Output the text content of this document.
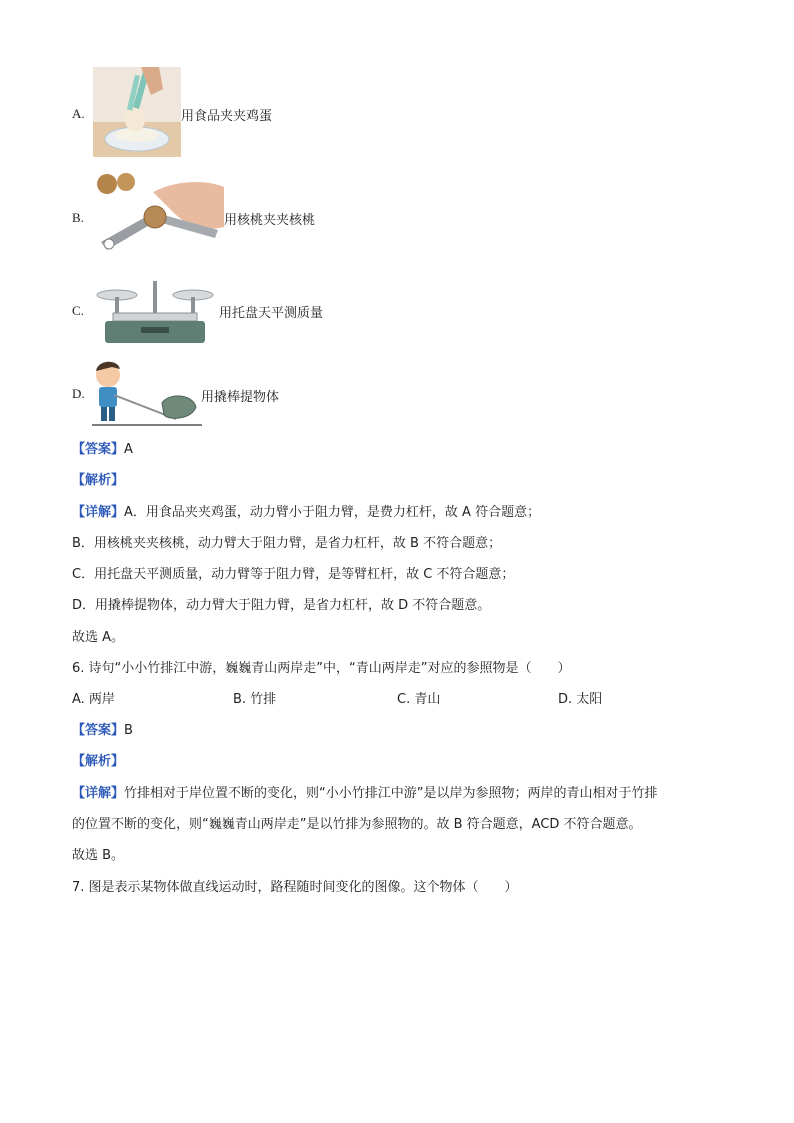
A.	用食品夹夹鸡蛋
B.	用核桃夹夹核桃
C.	用托盘天平测质量
D.	用撬棒提物体
【答案】A
【解析】
【详解】A．用食品夹夹鸡蛋，动力臂小于阻力臂，是费力杠杆，故 A 符合题意；
B．用核桃夹夹核桃，动力臂大于阻力臂，是省力杠杆，故 B 不符合题意；
C．用托盘天平测质量，动力臂等于阻力臂，是等臂杠杆，故 C 不符合题意；
D．用撬棒提物体，动力臂大于阻力臂，是省力杠杆，故 D 不符合题意。
故选 A。
6. 诗句“小小竹排江中游，巍巍青山两岸走”中，“青山两岸走”对应的参照物是（　　）
A. 两岸	B. 竹排	C. 青山	D. 太阳
【答案】B
【解析】
【详解】竹排相对于岸位置不断的变化，则“小小竹排江中游”是以岸为参照物；两岸的青山相对于竹排
的位置不断的变化，则“巍巍青山两岸走”是以竹排为参照物的。故 B 符合题意，ACD 不符合题意。
故选 B。
7. 图是表示某物体做直线运动时，路程随时间变化的图像。这个物体（　　）
